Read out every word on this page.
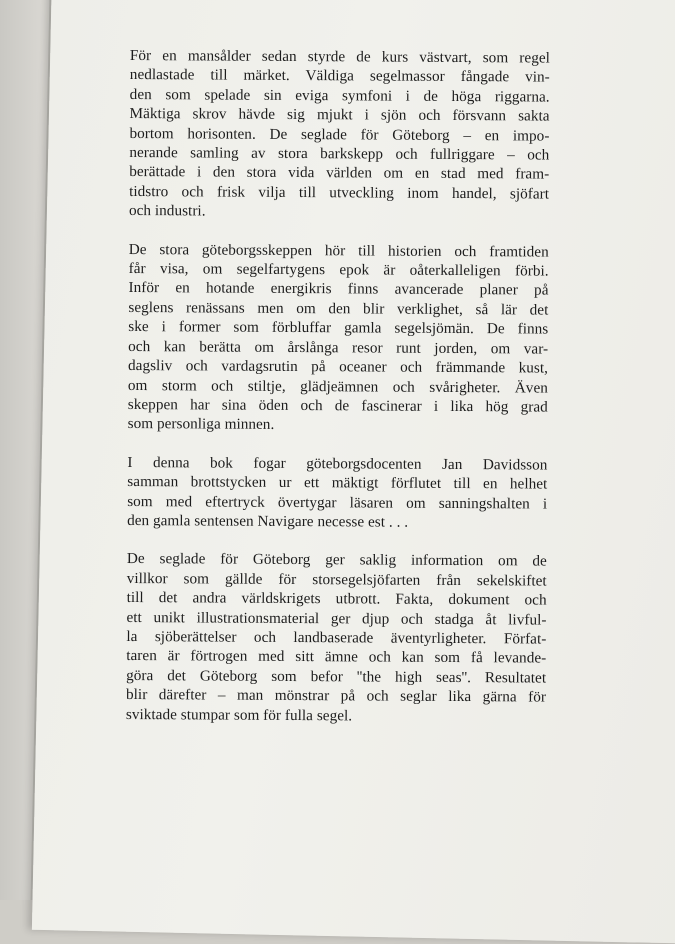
För en mansålder sedan styrde de kurs västvart, som regel
nedlastade till märket. Väldiga segelmassor fångade vin-
den som spelade sin eviga symfoni i de höga riggarna.
Mäktiga skrov hävde sig mjukt i sjön och försvann sakta
bortom horisonten. De seglade för Göteborg – en impo-
nerande samling av stora barkskepp och fullriggare – och
berättade i den stora vida världen om en stad med fram-
tidstro och frisk vilja till utveckling inom handel, sjöfart
och industri.
De stora göteborgsskeppen hör till historien och framtiden
får visa, om segelfartygens epok är oåterkalleligen förbi.
Inför en hotande energikris finns avancerade planer på
seglens renässans men om den blir verklighet, så lär det
ske i former som förbluffar gamla segelsjömän. De finns
och kan berätta om årslånga resor runt jorden, om var-
dagsliv och vardagsrutin på oceaner och främmande kust,
om storm och stiltje, glädjeämnen och svårigheter. Även
skeppen har sina öden och de fascinerar i lika hög grad
som personliga minnen.
I denna bok fogar göteborgsdocenten Jan Davidsson
samman brottstycken ur ett mäktigt förflutet till en helhet
som med eftertryck övertygar läsaren om sanningshalten i
den gamla sentensen Navigare necesse est . . .
De seglade för Göteborg ger saklig information om de
villkor som gällde för storsegelsjöfarten från sekelskiftet
till det andra världskrigets utbrott. Fakta, dokument och
ett unikt illustrationsmaterial ger djup och stadga åt livful-
la sjöberättelser och landbaserade äventyrligheter. Förfat-
taren är förtrogen med sitt ämne och kan som få levande-
göra det Göteborg som befor ''the high seas''. Resultatet
blir därefter – man mönstrar på och seglar lika gärna för
sviktade stumpar som för fulla segel.
